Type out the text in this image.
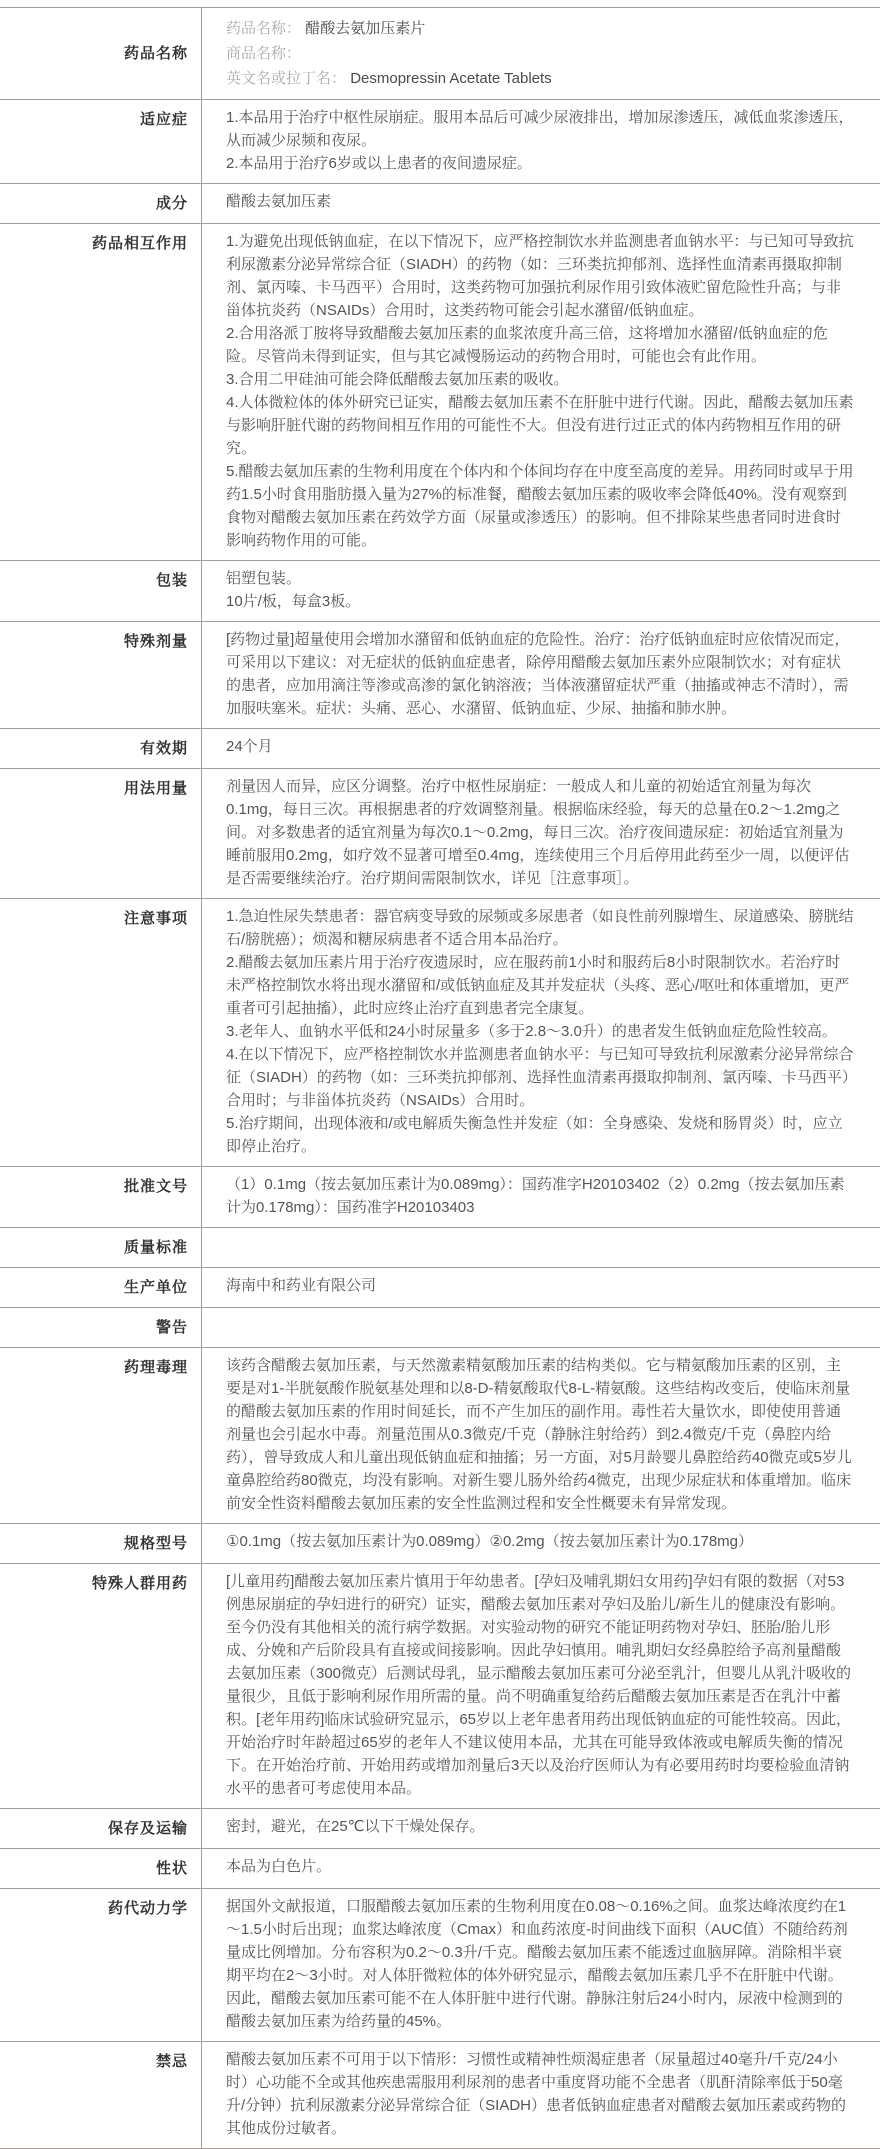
药品名称
药品名称： 醋酸去氨加压素片
商品名称：
英文名或拉丁名： Desmopressin Acetate Tablets
适应症	1.本品用于治疗中枢性尿崩症。服用本品后可减少尿液排出，增加尿渗透压，减低血浆渗透压，从而减少尿频和夜尿。

2.本品用于治疗6岁或以上患者的夜间遗尿症。

成分	醋酸去氨加压素

药品相互作用	1.为避免出现低钠血症，在以下情况下，应严格控制饮水并监测患者血钠水平：与已知可导致抗利尿激素分泌异常综合征（SIADH）的药物（如：三环类抗抑郁剂、选择性血清素再摄取抑制剂、氯丙嗪、卡马西平）合用时，这类药物可加强抗利尿作用引致体液贮留危险性升高；与非甾体抗炎药（NSAIDs）合用时，这类药物可能会引起水潴留/低钠血症。

2.合用洛派丁胺将导致醋酸去氨加压素的血浆浓度升高三倍，这将增加水潴留/低钠血症的危险。尽管尚未得到证实，但与其它减慢肠运动的药物合用时，可能也会有此作用。

3.合用二甲硅油可能会降低醋酸去氨加压素的吸收。

4.人体微粒体的体外研究已证实，醋酸去氨加压素不在肝脏中进行代谢。因此，醋酸去氨加压素与影响肝脏代谢的药物间相互作用的可能性不大。但没有进行过正式的体内药物相互作用的研究。

5.醋酸去氨加压素的生物利用度在个体内和个体间均存在中度至高度的差异。用药同时或早于用药1.5小时食用脂肪摄入量为27%的标准餐，醋酸去氨加压素的吸收率会降低40%。没有观察到食物对醋酸去氨加压素在药效学方面（尿量或渗透压）的影响。但不排除某些患者同时进食时影响药物作用的可能。

包装	铝塑包装。

10片/板，每盒3板。

特殊剂量	[药物过量]超量使用会增加水潴留和低钠血症的危险性。治疗：治疗低钠血症时应依情况而定，可采用以下建议：对无症状的低钠血症患者，除停用醋酸去氨加压素外应限制饮水；对有症状的患者，应加用滴注等渗或高渗的氯化钠溶液；当体液潴留症状严重（抽搐或神志不清时），需加服呋塞米。症状：头痛、恶心、水潴留、低钠血症、少尿、抽搐和肺水肿。

有效期	24个月

用法用量	剂量因人而异，应区分调整。治疗中枢性尿崩症：一般成人和儿童的初始适宜剂量为每次0.1mg，每日三次。再根据患者的疗效调整剂量。根据临床经验，每天的总量在0.2～1.2mg之间。对多数患者的适宜剂量为每次0.1～0.2mg，每日三次。治疗夜间遗尿症：初始适宜剂量为睡前服用0.2mg，如疗效不显著可增至0.4mg，连续使用三个月后停用此药至少一周，以便评估是否需要继续治疗。治疗期间需限制饮水，详见［注意事项］。

注意事项	1.急迫性尿失禁患者：器官病变导致的尿频或多尿患者（如良性前列腺增生、尿道感染、膀胱结石/膀胱癌）；烦渴和糖尿病患者不适合用本品治疗。

2.醋酸去氨加压素片用于治疗夜遗尿时，应在服药前1小时和服药后8小时限制饮水。若治疗时未严格控制饮水将出现水潴留和/或低钠血症及其并发症状（头疼、恶心/呕吐和体重增加，更严重者可引起抽搐），此时应终止治疗直到患者完全康复。

3.老年人、血钠水平低和24小时尿量多（多于2.8～3.0升）的患者发生低钠血症危险性较高。

4.在以下情况下，应严格控制饮水并监测患者血钠水平：与已知可导致抗利尿激素分泌异常综合征（SIADH）的药物（如：三环类抗抑郁剂、选择性血清素再摄取抑制剂、氯丙嗪、卡马西平）合用时；与非甾体抗炎药（NSAIDs）合用时。

5.治疗期间，出现体液和/或电解质失衡急性并发症（如：全身感染、发烧和肠胃炎）时，应立即停止治疗。

批准文号	（1）0.1mg（按去氨加压素计为0.089mg）：国药准字H20103402（2）0.2mg（按去氨加压素计为0.178mg）：国药准字H20103403

质量标准
生产单位	海南中和药业有限公司

警告
药理毒理	该药含醋酸去氨加压素，与天然激素精氨酸加压素的结构类似。它与精氨酸加压素的区别，主要是对1-半胱氨酸作脱氨基处理和以8-D-精氨酸取代8-L-精氨酸。这些结构改变后，使临床剂量的醋酸去氨加压素的作用时间延长，而不产生加压的副作用。毒性若大量饮水，即使使用普通剂量也会引起水中毒。剂量范围从0.3微克/千克（静脉注射给药）到2.4微克/千克（鼻腔内给药），曾导致成人和儿童出现低钠血症和抽搐；另一方面，对5月龄婴儿鼻腔给药40微克或5岁儿童鼻腔给药80微克，均没有影响。对新生婴儿肠外给药4微克，出现少尿症状和体重增加。临床前安全性资料醋酸去氨加压素的安全性监测过程和安全性概要未有异常发现。

规格型号	①0.1mg（按去氨加压素计为0.089mg）②0.2mg（按去氨加压素计为0.178mg）

特殊人群用药	[儿童用药]醋酸去氨加压素片慎用于年幼患者。[孕妇及哺乳期妇女用药]孕妇有限的数据（对53例患尿崩症的孕妇进行的研究）证实，醋酸去氨加压素对孕妇及胎儿/新生儿的健康没有影响。至今仍没有其他相关的流行病学数据。对实验动物的研究不能证明药物对孕妇、胚胎/胎儿形成、分娩和产后阶段具有直接或间接影响。因此孕妇慎用。哺乳期妇女经鼻腔给予高剂量醋酸去氨加压素（300微克）后测试母乳，显示醋酸去氨加压素可分泌至乳汁，但婴儿从乳汁吸收的量很少，且低于影响利尿作用所需的量。尚不明确重复给药后醋酸去氨加压素是否在乳汁中蓄积。[老年用药]临床试验研究显示，65岁以上老年患者用药出现低钠血症的可能性较高。因此，开始治疗时年龄超过65岁的老年人不建议使用本品，尤其在可能导致体液或电解质失衡的情况下。在开始治疗前、开始用药或增加剂量后3天以及治疗医师认为有必要用药时均要检验血清钠水平的患者可考虑使用本品。

保存及运输	密封，避光，在25℃以下干燥处保存。

性状	本品为白色片。

药代动力学	据国外文献报道，口服醋酸去氨加压素的生物利用度在0.08～0.16%之间。血浆达峰浓度约在1～1.5小时后出现；血浆达峰浓度（Cmax）和血药浓度-时间曲线下面积（AUC值）不随给药剂量成比例增加。分布容积为0.2～0.3升/千克。醋酸去氨加压素不能透过血脑屏障。消除相半衰期平均在2～3小时。对人体肝微粒体的体外研究显示，醋酸去氨加压素几乎不在肝脏中代谢。因此，醋酸去氨加压素可能不在人体肝脏中进行代谢。静脉注射后24小时内，尿液中检测到的醋酸去氨加压素为给药量的45%。

禁忌	醋酸去氨加压素不可用于以下情形：习惯性或精神性烦渴症患者（尿量超过40毫升/千克/24小时）心功能不全或其他疾患需服用利尿剂的患者中重度肾功能不全患者（肌酐清除率低于50毫升/分钟）抗利尿激素分泌异常综合征（SIADH）患者低钠血症患者对醋酸去氨加压素或药物的其他成份过敏者。
